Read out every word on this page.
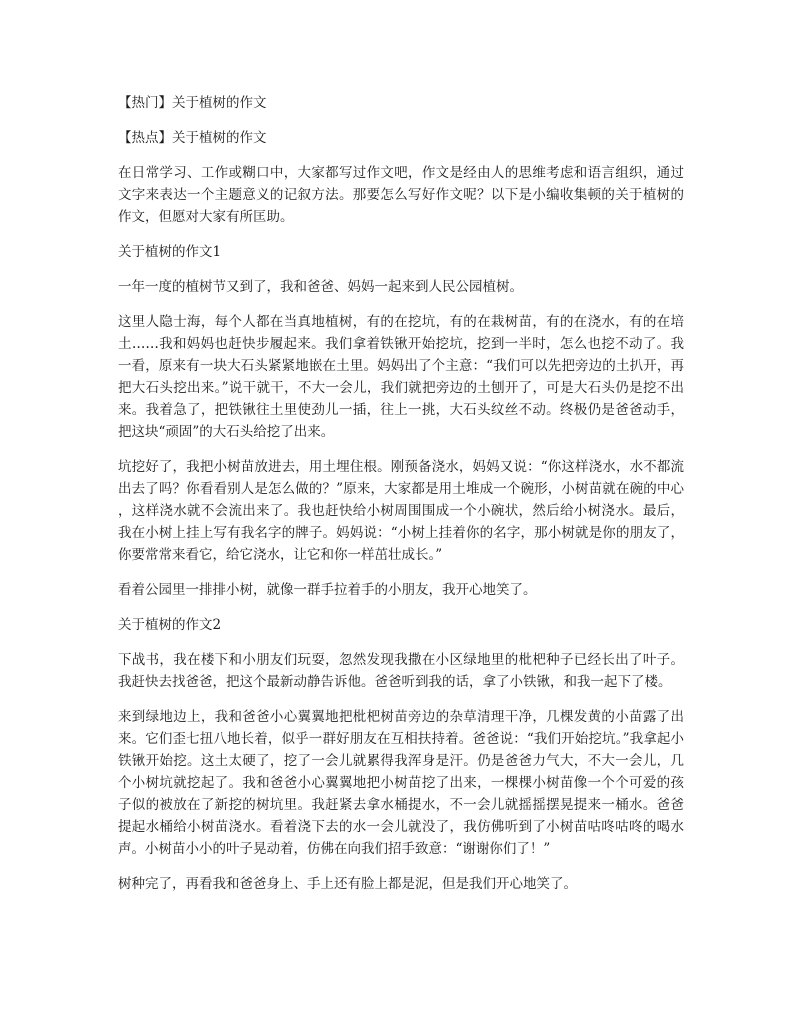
【热门】关于植树的作文

【热点】关于植树的作文

在日常学习、工作或糊口中，大家都写过作文吧，作文是经由人的思维考虑和语言组织，通过文字来表达一个主题意义的记叙方法。那要怎么写好作文呢？以下是小编收集顿的关于植树的作文，但愿对大家有所匡助。

关于植树的作文1

一年一度的植树节又到了，我和爸爸、妈妈一起来到人民公园植树。

这里人隐士海，每个人都在当真地植树，有的在挖坑，有的在栽树苗，有的在浇水，有的在培土……我和妈妈也赶快步履起来。我们拿着铁锹开始挖坑，挖到一半时，怎么也挖不动了。我一看，原来有一块大石头紧紧地嵌在土里。妈妈出了个主意：“我们可以先把旁边的土扒开，再把大石头挖出来。”说干就干，不大一会儿，我们就把旁边的土刨开了，可是大石头仍是挖不出来。我着急了，把铁锹往土里使劲儿一插，往上一挑，大石头纹丝不动。终极仍是爸爸动手，把这块“顽固”的大石头给挖了出来。

坑挖好了，我把小树苗放进去，用土埋住根。刚预备浇水，妈妈又说：“你这样浇水，水不都流出去了吗？你看看别人是怎么做的？”原来，大家都是用土堆成一个碗形，小树苗就在碗的中心，这样浇水就不会流出来了。我也赶快给小树周围围成一个小碗状，然后给小树浇水。最后，我在小树上挂上写有我名字的牌子。妈妈说：“小树上挂着你的名字，那小树就是你的朋友了，你要常常来看它，给它浇水，让它和你一样茁壮成长。”

看着公园里一排排小树，就像一群手拉着手的小朋友，我开心地笑了。

关于植树的作文2

下战书，我在楼下和小朋友们玩耍，忽然发现我撒在小区绿地里的枇杷种子已经长出了叶子。我赶快去找爸爸，把这个最新动静告诉他。爸爸听到我的话，拿了小铁锹，和我一起下了楼。

来到绿地边上，我和爸爸小心翼翼地把枇杷树苗旁边的杂草清理干净，几棵发黄的小苗露了出来。它们歪七扭八地长着，似乎一群好朋友在互相扶持着。爸爸说：“我们开始挖坑。”我拿起小铁锹开始挖。这土太硬了，挖了一会儿就累得我浑身是汗。仍是爸爸力气大，不大一会儿，几个小树坑就挖起了。我和爸爸小心翼翼地把小树苗挖了出来，一棵棵小树苗像一个个可爱的孩子似的被放在了新挖的树坑里。我赶紧去拿水桶提水，不一会儿就摇摇摆晃提来一桶水。爸爸提起水桶给小树苗浇水。看着浇下去的水一会儿就没了，我仿佛听到了小树苗咕咚咕咚的喝水声。小树苗小小的叶子晃动着，仿佛在向我们招手致意：“谢谢你们了！”

树种完了，再看我和爸爸身上、手上还有脸上都是泥，但是我们开心地笑了。
